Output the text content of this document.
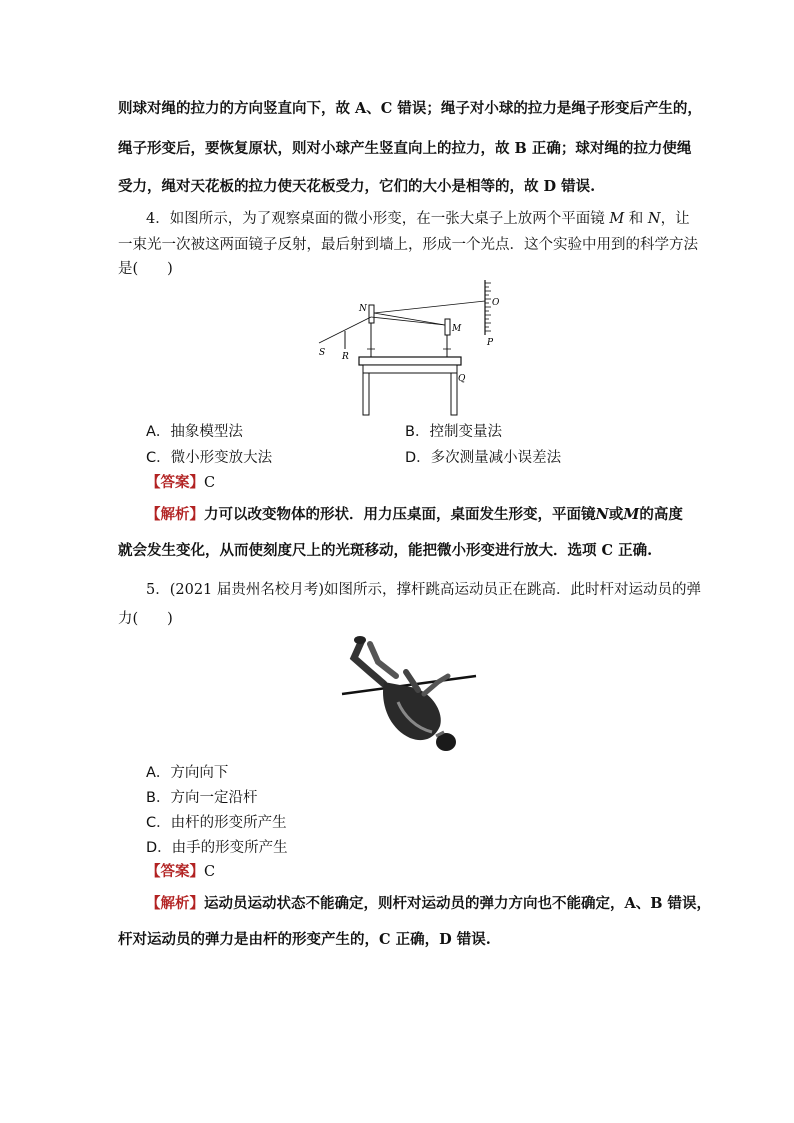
则球对绳的拉力的方向竖直向下，故 A、C 错误；绳子对小球的拉力是绳子形变后产生的，
绳子形变后，要恢复原状，则对小球产生竖直向上的拉力，故 B 正确；球对绳的拉力使绳
受力，绳对天花板的拉力使天花板受力，它们的大小是相等的，故 D 错误.
4．如图所示，为了观察桌面的微小形变，在一张大桌子上放两个平面镜 M 和 N，让
一束光一次被这两面镜子反射，最后射到墙上，形成一个光点．这个实验中用到的科学方法
是(　　)
N
M
O
P
S R
Q
A．抽象模型法	B．控制变量法
C．微小形变放大法	D．多次测量减小误差法
【答案】C
【解析】力可以改变物体的形状．用力压桌面，桌面发生形变，平面镜N或M的高度
就会发生变化，从而使刻度尺上的光斑移动，能把微小形变进行放大．选项 C 正确.
5．(2021 届贵州名校月考)如图所示，撑杆跳高运动员正在跳高．此时杆对运动员的弹
力(　　)
A．方向向下
B．方向一定沿杆
C．由杆的形变所产生
D．由手的形变所产生
【答案】C
【解析】运动员运动状态不能确定，则杆对运动员的弹力方向也不能确定，A、B 错误，
杆对运动员的弹力是由杆的形变产生的，C 正确，D 错误.
